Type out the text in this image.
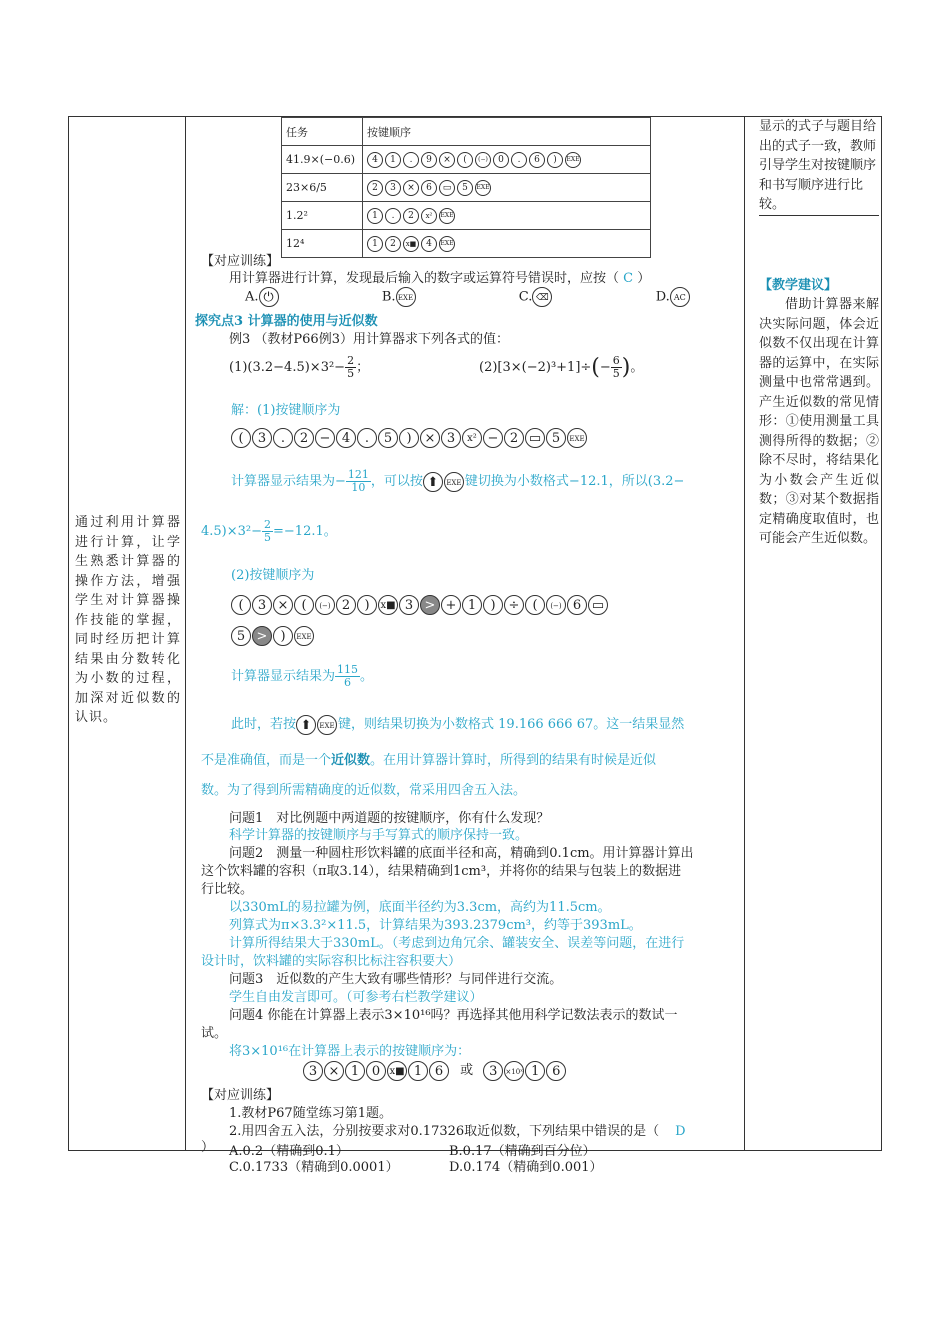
通过利用计算器进行计算，让学生熟悉计算器的操作方法，增强学生对计算器操作技能的掌握，同时经历把计算结果由分数转化为小数的过程，加深对近似数的认识。
显示的式子与题目给出的式子一致，教师引导学生对按键顺序和书写顺序进行比较。
【教学建议】
借助计算器来解决实际问题，体会近似数不仅出现在计算器的运算中，在实际测量中也常常遇到。产生近似数的常见情形：①使用测量工具测得所得的数据；②除不尽时，将结果化为小数会产生近似数；③对某个数据指定精确度取值时，也可能会产生近似数。
任务	按键顺序
41.9×(−0.6)	4 1 . 9 × ( (−) 0 . 6 ) EXE
23×6/5	2 3 × 6 ▭ 5 EXE
1.2²	1 . 2 x² EXE
12⁴	1 2 x■ 4 EXE
【对应训练】
用计算器进行计算，发现最后输入的数字或运算符号错误时，应按（ C ）
A. ⏻	B. EXE	C. ⌫	D. AC
探究点3 计算器的使用与近似数
例3 （教材P66例3）用计算器求下列各式的值：
$(1)(3.2-4.5)\times 3^2- \frac{2}{5}$ ；	$(2)[3\times(-2)^3+1]\div(- \frac{6}{5}$ )。
解：(1)按键顺序为
( 3 . 2 − 4 . 5 ) × 3 x² − 2 ▭ 5 EXE
计算器显示结果为− $\frac{121}{10}$ ，可以按 ⬆ EXE 键切换为小数格式−12.1，所以(3.2−
$4.5)\times 3^2- \frac{2}{5} =-12.1$。
(2)按键顺序为
( 3 × ( (−) 2 ) x■ 3 > + 1 ) ÷ ( (−) 6 ▭
5 > ) EXE
计算器显示结果为 $\frac{115}{6}$ 。
此时，若按 ⬆ EXE 键，则结果切换为小数格式 19.166 666 67。这一结果显然
不是准确值，而是一个近似数。在用计算器计算时，所得到的结果有时候是近似
数。为了得到所需精确度的近似数，常采用四舍五入法。
问题1　对比例题中两道题的按键顺序，你有什么发现？
科学计算器的按键顺序与手写算式的顺序保持一致。
问题2　测量一种圆柱形饮料罐的底面半径和高，精确到0.1cm。用计算器计算出
这个饮料罐的容积（π取3.14），结果精确到1cm³，并将你的结果与包装上的数据进
行比较。
以330mL的易拉罐为例，底面半径约为3.3cm，高约为11.5cm。
列算式为π×3.3²×11.5，计算结果为393.2379cm³，约等于393mL。
计算所得结果大于330mL。（考虑到边角冗余、罐装安全、误差等问题，在进行
设计时，饮料罐的实际容积比标注容积要大）
问题3　近似数的产生大致有哪些情形？与同伴进行交流。
学生自由发言即可。（可参考右栏教学建议）
问题4 你能在计算器上表示3×10¹⁶吗？再选择其他用科学记数法表示的数试一
试。
将3×10¹⁶在计算器上表示的按键顺序为：
3 × 1 0 x■ 1 6 或 3 ×10ˣ 1 6
【对应训练】
1.教材P67随堂练习第1题。
2.用四舍五入法，分别按要求对0.17326取近似数，下列结果中错误的是（ D
） A.0.2（精确到0.1）	B.0.17（精确到百分位）
C.0.1733（精确到0.0001）	D.0.174（精确到0.001）
